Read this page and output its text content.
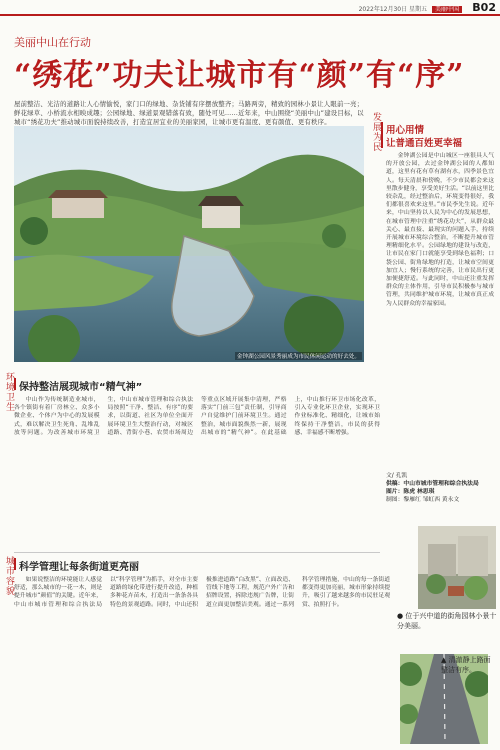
2022年12月30日 星期五 美丽中国 B02
美丽中山在行动
“绣花”功夫让城市有“颜”有“序”
屋前整洁、光洁的道路让人心情愉悦，家门口的绿地、杂货铺有序摆放整齐；马路两旁，精致的园林小景让人眼前一亮；鲜花绿草、小桥流水相映成趣；公园绿地、绿道景观错落有致，随处可见……近年来，中山围绕“美丽中山”建设目标，以城市“绣花功夫”推动城市面貌持续改善，打造宜居宜业的美丽家园，让城市更有温度、更有颜值、更有秩序。
金钟湖公园风景秀丽成为市民休闲运动的好去处。
发展为民
环境卫生
城市容貌
用心用情
让普通百姓更幸福

金钟湖公园是中山城区一座很具人气的开放公园，去过金钟湖公园的人都知道，这里有花有草有湖有水，四季景色宜人。每天清晨和傍晚，不少市民都会来这里散步健身，享受美好生活。“以前这里比较杂乱，经过整治后，环境变得很好，我们都很喜欢来这里。”市民李先生说。近年来，中山坚持以人民为中心的发展思想，在城市管理中注重“绣花功夫”，从群众最关心、最直接、最现实的问题入手，持续开展城市环境综合整治，不断提升城市管理精细化水平。公园绿地的建设与改造，让市民在家门口就能享受到绿色福利；口袋公园、街角绿地的打造，让城市空间更加宜人；慢行系统的完善，让市民出行更加便捷舒适。与此同时，中山还注重发挥群众的主体作用，引导市民积极参与城市管理，共同维护城市环境，让城市真正成为人民群众的幸福家园。

文/ 孔凯
供稿：中山市城市管理和综合执法局
图片：陈虎 林思琪
制图：黎雁红 邹虹西 黄永文
保持整洁展现城市“精气神”

中山作为传统制造业城市，各个镇街有着厂房林立、众多小微企业、个体户为中心的发展模式，难以解决卫生死角、乱堆乱放等问题。为改善城市环境卫生，中山市城市管理和综合执法局按照“干净、整洁、有序”的要求，以街道、社区为单位全面开展环境卫生大整治行动，对城区道路、背街小巷、农贸市场周边等重点区域开展集中清理，严格落实“门前三包”责任制，引导商户自觉维护门前环境卫生。通过整治，城市面貌焕然一新，展现出城市的“精气神”。在此基础上，中山推行环卫市场化改革，引入专业化环卫企业，实现环卫作业标准化、精细化，让城市始终保持干净整洁，市民的获得感、幸福感不断增强。

科学管理让每条街道更亮丽

如果说整洁的环境能让人感觉舒适，那么城市的一花一木，则是提升城市“颜值”的关键。近年来，中山市城市管理和综合执法局以“科学管理”为抓手，对全市主要道路的绿化带进行提升改造，种植多种花卉苗木，打造出一条条各具特色的景观道路。同时，中山还积极推进道路“白改黑”、立面改造、管线下地等工程，规范户外广告和招牌设置，拆除违规广告牌，让街道立面更加整洁美观。通过一系列科学管理措施，中山的每一条街道都变得更加亮丽，城市形象持续提升，吸引了越来越多的市民驻足观赏、拍照打卡。

● 位于兴中道的街角园林小景十分美丽。
▲ 清澈静上路面整洁有序。
